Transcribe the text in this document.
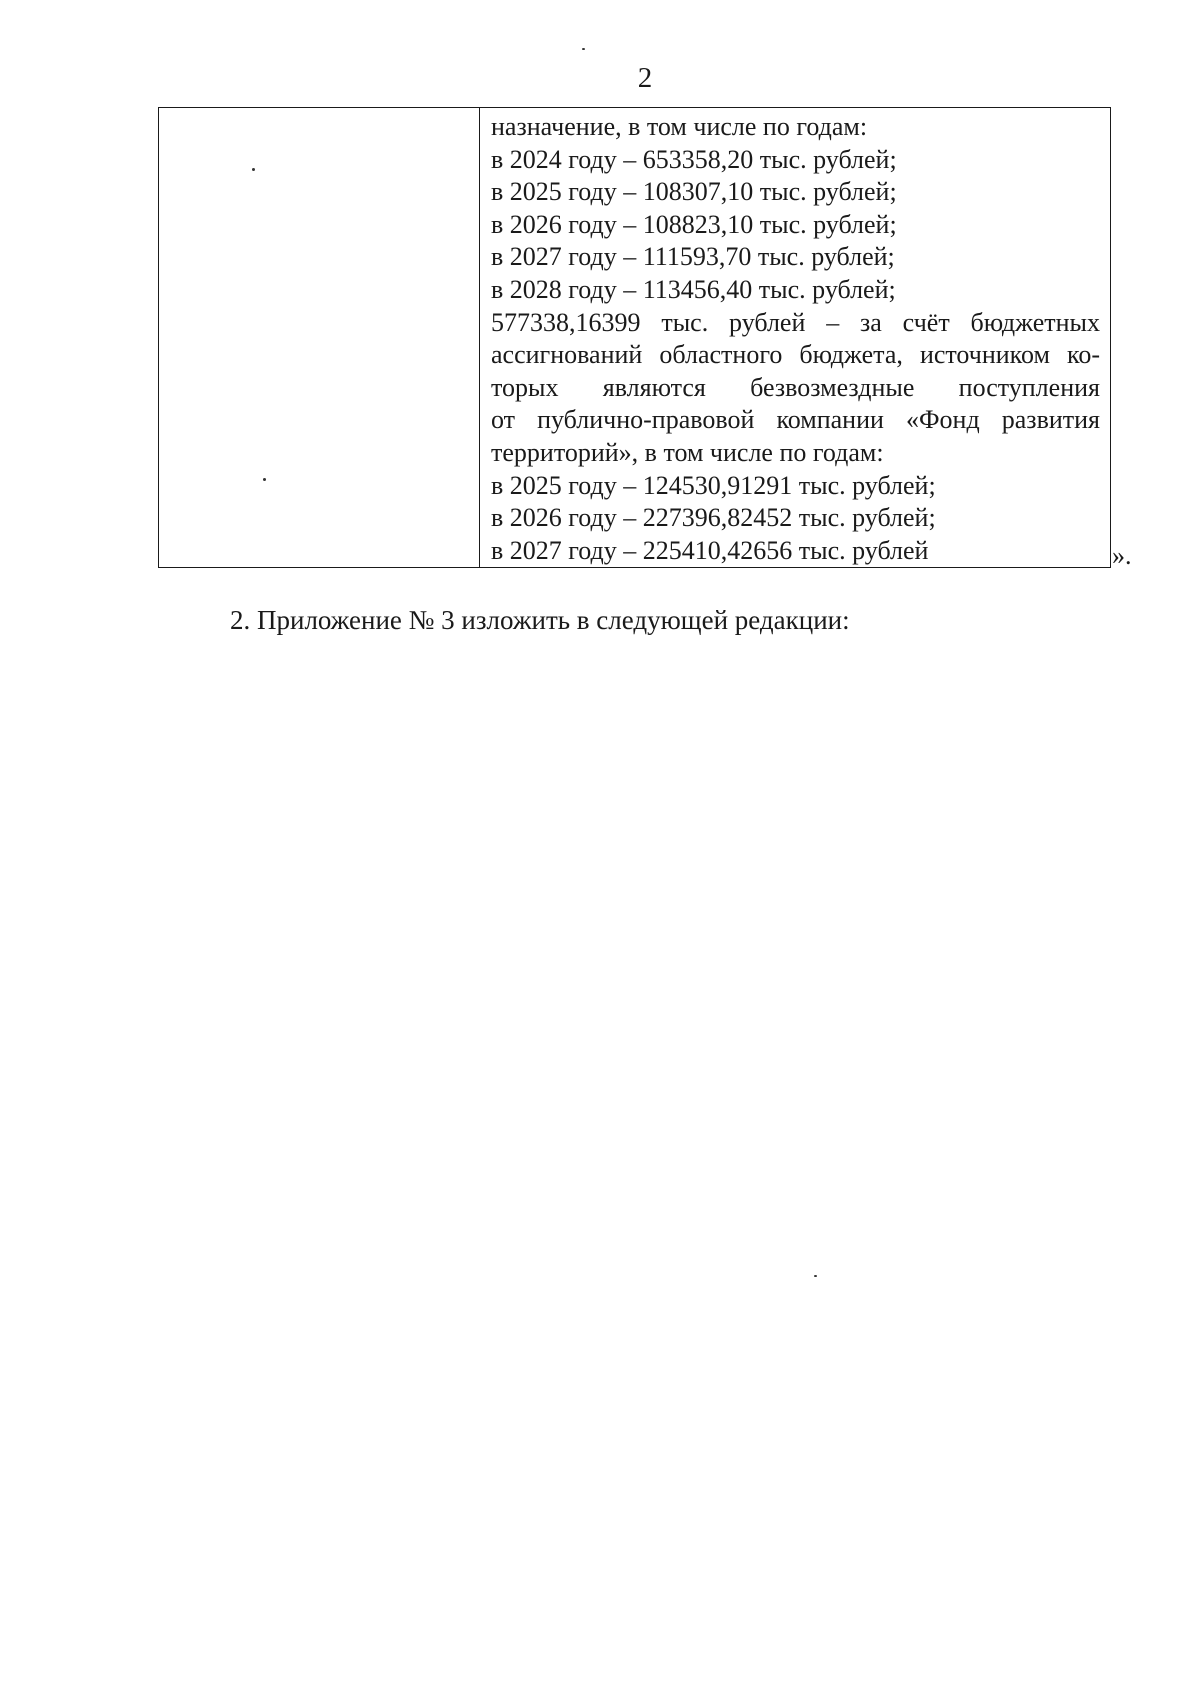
2
назначение, в том числе по годам:
в 2024 году – 653358,20 тыс. рублей;
в 2025 году – 108307,10 тыс. рублей;
в 2026 году – 108823,10 тыс. рублей;
в 2027 году – 111593,70 тыс. рублей;
в 2028 году – 113456,40 тыс. рублей;
577338,16399 тыс. рублей – за счёт бюджетных
ассигнований областного бюджета, источником ко-
торых являются безвозмездные поступления
от публично-правовой компании «Фонд развития
территорий», в том числе по годам:
в 2025 году – 124530,91291 тыс. рублей;
в 2026 году – 227396,82452 тыс. рублей;
в 2027 году – 225410,42656 тыс. рублей	».
2. Приложение № 3 изложить в следующей редакции:
